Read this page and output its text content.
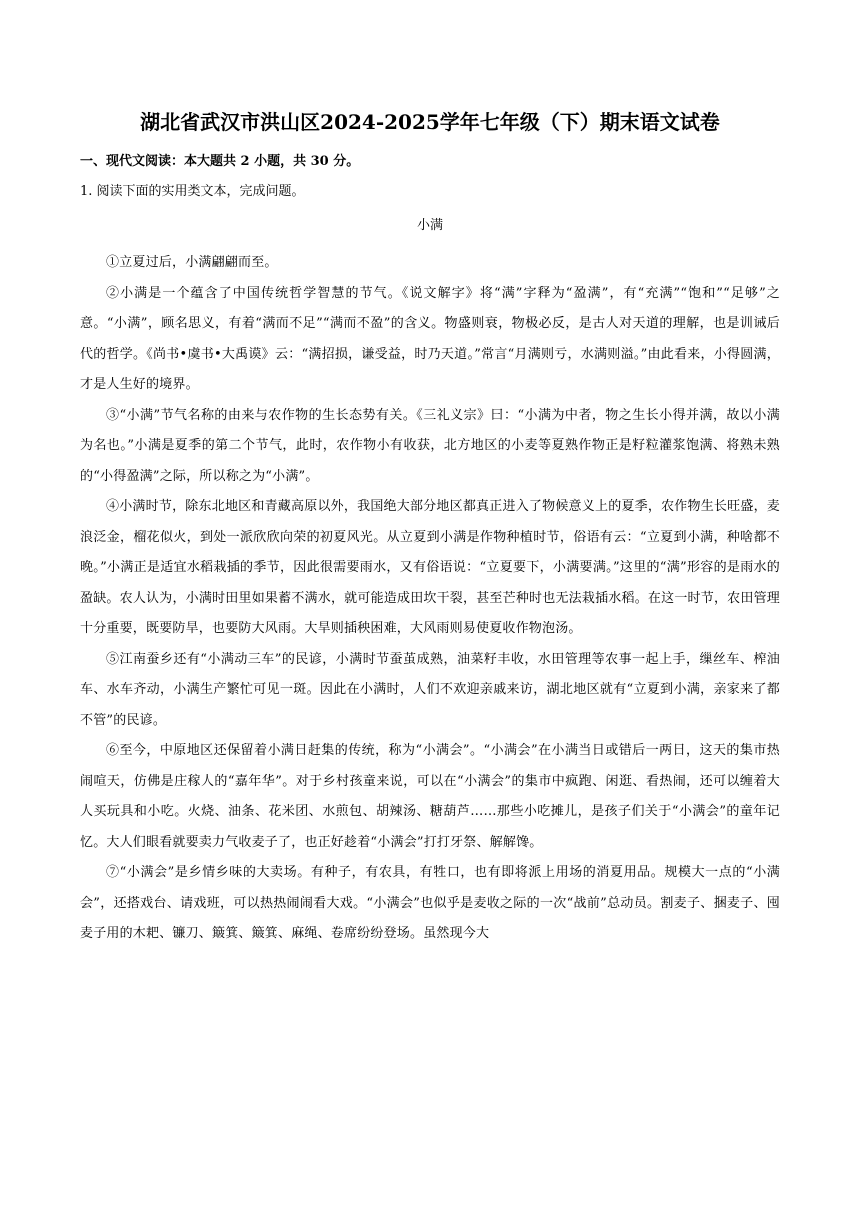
湖北省武汉市洪山区2024-2025学年七年级（下）期末语文试卷
一、现代文阅读：本大题共 2 小题，共 30 分。
1. 阅读下面的实用类文本，完成问题。
小满

①立夏过后，小满翩翩而至。

②小满是一个蕴含了中国传统哲学智慧的节气。《说文解字》将“满”字释为“盈满”，有“充满”“饱和”“足够”之意。“小满”，顾名思义，有着“满而不足”“满而不盈”的含义。物盛则衰，物极必反，是古人对天道的理解，也是训诫后代的哲学。《尚书•虞书•大禹谟》云：“满招损，谦受益，时乃天道。”常言“月满则亏，水满则溢。”由此看来，小得圆满，才是人生好的境界。

③“小满”节气名称的由来与农作物的生长态势有关。《三礼义宗》曰：“小满为中者，物之生长小得并满，故以小满为名也。”小满是夏季的第二个节气，此时，农作物小有收获，北方地区的小麦等夏熟作物正是籽粒灌浆饱满、将熟未熟的“小得盈满”之际，所以称之为“小满”。

④小满时节，除东北地区和青藏高原以外，我国绝大部分地区都真正进入了物候意义上的夏季，农作物生长旺盛，麦浪泛金，榴花似火，到处一派欣欣向荣的初夏风光。从立夏到小满是作物种植时节，俗语有云：“立夏到小满，种啥都不晚。”小满正是适宜水稻栽插的季节，因此很需要雨水，又有俗语说：“立夏要下，小满要满。”这里的“满”形容的是雨水的盈缺。农人认为，小满时田里如果蓄不满水，就可能造成田坎干裂，甚至芒种时也无法栽插水稻。在这一时节，农田管理十分重要，既要防旱，也要防大风雨。大旱则插秧困难，大风雨则易使夏收作物泡汤。

⑤江南蚕乡还有“小满动三车”的民谚，小满时节蚕茧成熟，油菜籽丰收，水田管理等农事一起上手，缫丝车、榨油车、水车齐动，小满生产繁忙可见一斑。因此在小满时，人们不欢迎亲戚来访，湖北地区就有“立夏到小满，亲家来了都不管”的民谚。

⑥至今，中原地区还保留着小满日赶集的传统，称为“小满会”。“小满会”在小满当日或错后一两日，这天的集市热闹喧天，仿佛是庄稼人的“嘉年华”。对于乡村孩童来说，可以在“小满会”的集市中疯跑、闲逛、看热闹，还可以缠着大人买玩具和小吃。火烧、油条、花米团、水煎包、胡辣汤、糖葫芦……那些小吃摊儿，是孩子们关于“小满会”的童年记忆。大人们眼看就要卖力气收麦子了，也正好趁着“小满会”打打牙祭、解解馋。

⑦“小满会”是乡情乡味的大卖场。有种子，有农具，有牲口，也有即将派上用场的消夏用品。规模大一点的“小满会”，还搭戏台、请戏班，可以热热闹闹看大戏。“小满会”也似乎是麦收之际的一次“战前”总动员。割麦子、捆麦子、囤麦子用的木耙、镰刀、簸箕、簸箕、麻绳、卷席纷纷登场。虽然现今大
